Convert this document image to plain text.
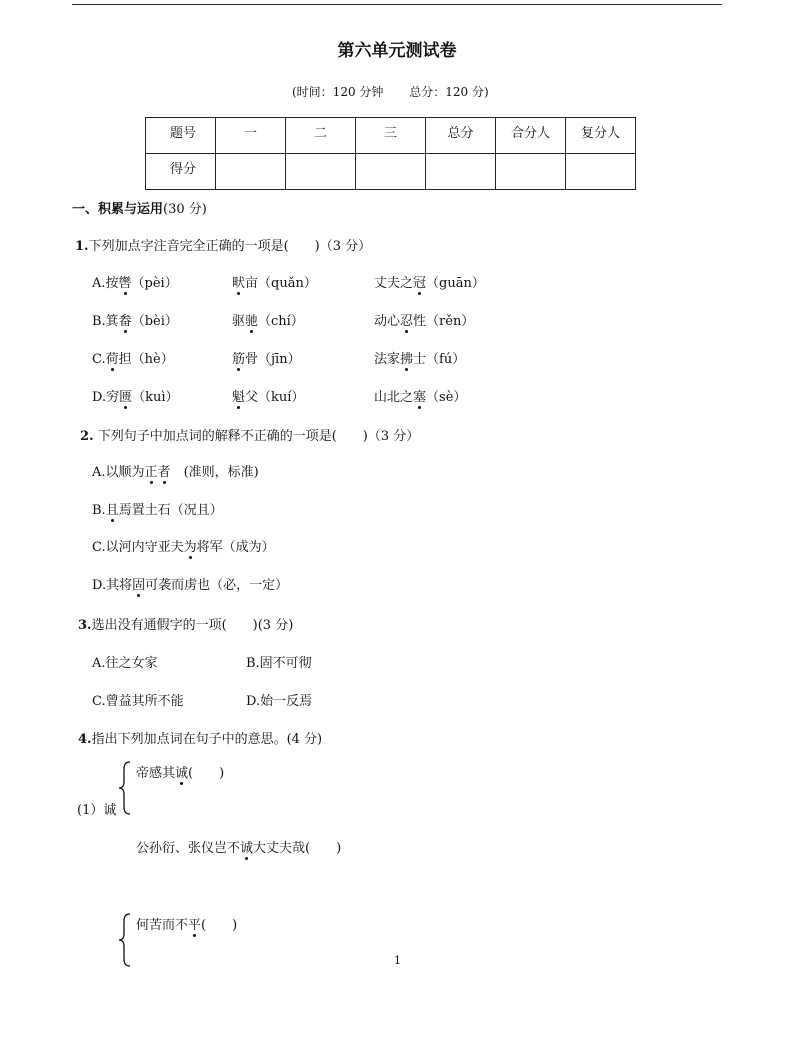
第六单元测试卷
(时间：120 分钟 总分：120 分)
题号	一	二	三	总分	合分人	复分人
得分						
一、积累与运用(30 分)
1.下列加点字注音完全正确的一项是(　　)（3 分）
A.按辔（pèi）	畎亩（quǎn）	丈夫之冠（guān）
B.箕畚（bèi）	驱驰（chí）	动心忍性（rěn）
C.荷担（hè）	筋骨（jīn）	法家拂士（fú）
D.穷匮（kuì）	魁父（kuí）	山北之塞（sè）
2. 下列句子中加点词的解释不正确的一项是(　　)（3 分）
A.以顺为正者　(准则，标准)
B.且焉置土石（况且）
C.以河内守亚夫为将军（成为）
D.其将固可袭而虏也（必，一定）
3.选出没有通假字的一项(　　)(3 分)
A.往之女家	B.固不可彻
C.曾益其所不能	D.始一反焉
4.指出下列加点词在句子中的意思。(4 分)
帝感其诚(　　)
(1）诚
公孙衍、张仪岂不诚大丈夫哉(　　)
何苦而不平(　　)
1
